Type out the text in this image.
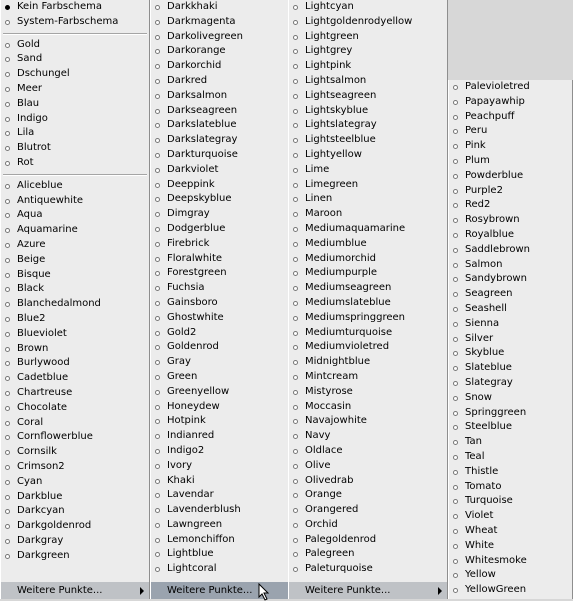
Kein Farbschema
System-Farbschema
Gold
Sand
Dschungel
Meer
Blau
Indigo
Lila
Blutrot
Rot
Aliceblue
Antiquewhite
Aqua
Aquamarine
Azure
Beige
Bisque
Black
Blanchedalmond
Blue2
Blueviolet
Brown
Burlywood
Cadetblue
Chartreuse
Chocolate
Coral
Cornflowerblue
Cornsilk
Crimson2
Cyan
Darkblue
Darkcyan
Darkgoldenrod
Darkgray
Darkgreen
Weitere Punkte...
Darkkhaki
Darkmagenta
Darkolivegreen
Darkorange
Darkorchid
Darkred
Darksalmon
Darkseagreen
Darkslateblue
Darkslategray
Darkturquoise
Darkviolet
Deeppink
Deepskyblue
Dimgray
Dodgerblue
Firebrick
Floralwhite
Forestgreen
Fuchsia
Gainsboro
Ghostwhite
Gold2
Goldenrod
Gray
Green
Greenyellow
Honeydew
Hotpink
Indianred
Indigo2
Ivory
Khaki
Lavendar
Lavenderblush
Lawngreen
Lemonchiffon
Lightblue
Lightcoral
Weitere Punkte...
Lightcyan
Lightgoldenrodyellow
Lightgreen
Lightgrey
Lightpink
Lightsalmon
Lightseagreen
Lightskyblue
Lightslategray
Lightsteelblue
Lightyellow
Lime
Limegreen
Linen
Maroon
Mediumaquamarine
Mediumblue
Mediumorchid
Mediumpurple
Mediumseagreen
Mediumslateblue
Mediumspringgreen
Mediumturquoise
Mediumvioletred
Midnightblue
Mintcream
Mistyrose
Moccasin
Navajowhite
Navy
Oldlace
Olive
Olivedrab
Orange
Orangered
Orchid
Palegoldenrod
Palegreen
Paleturquoise
Weitere Punkte...
Palevioletred
Papayawhip
Peachpuff
Peru
Pink
Plum
Powderblue
Purple2
Red2
Rosybrown
Royalblue
Saddlebrown
Salmon
Sandybrown
Seagreen
Seashell
Sienna
Silver
Skyblue
Slateblue
Slategray
Snow
Springgreen
Steelblue
Tan
Teal
Thistle
Tomato
Turquoise
Violet
Wheat
White
Whitesmoke
Yellow
YellowGreen
